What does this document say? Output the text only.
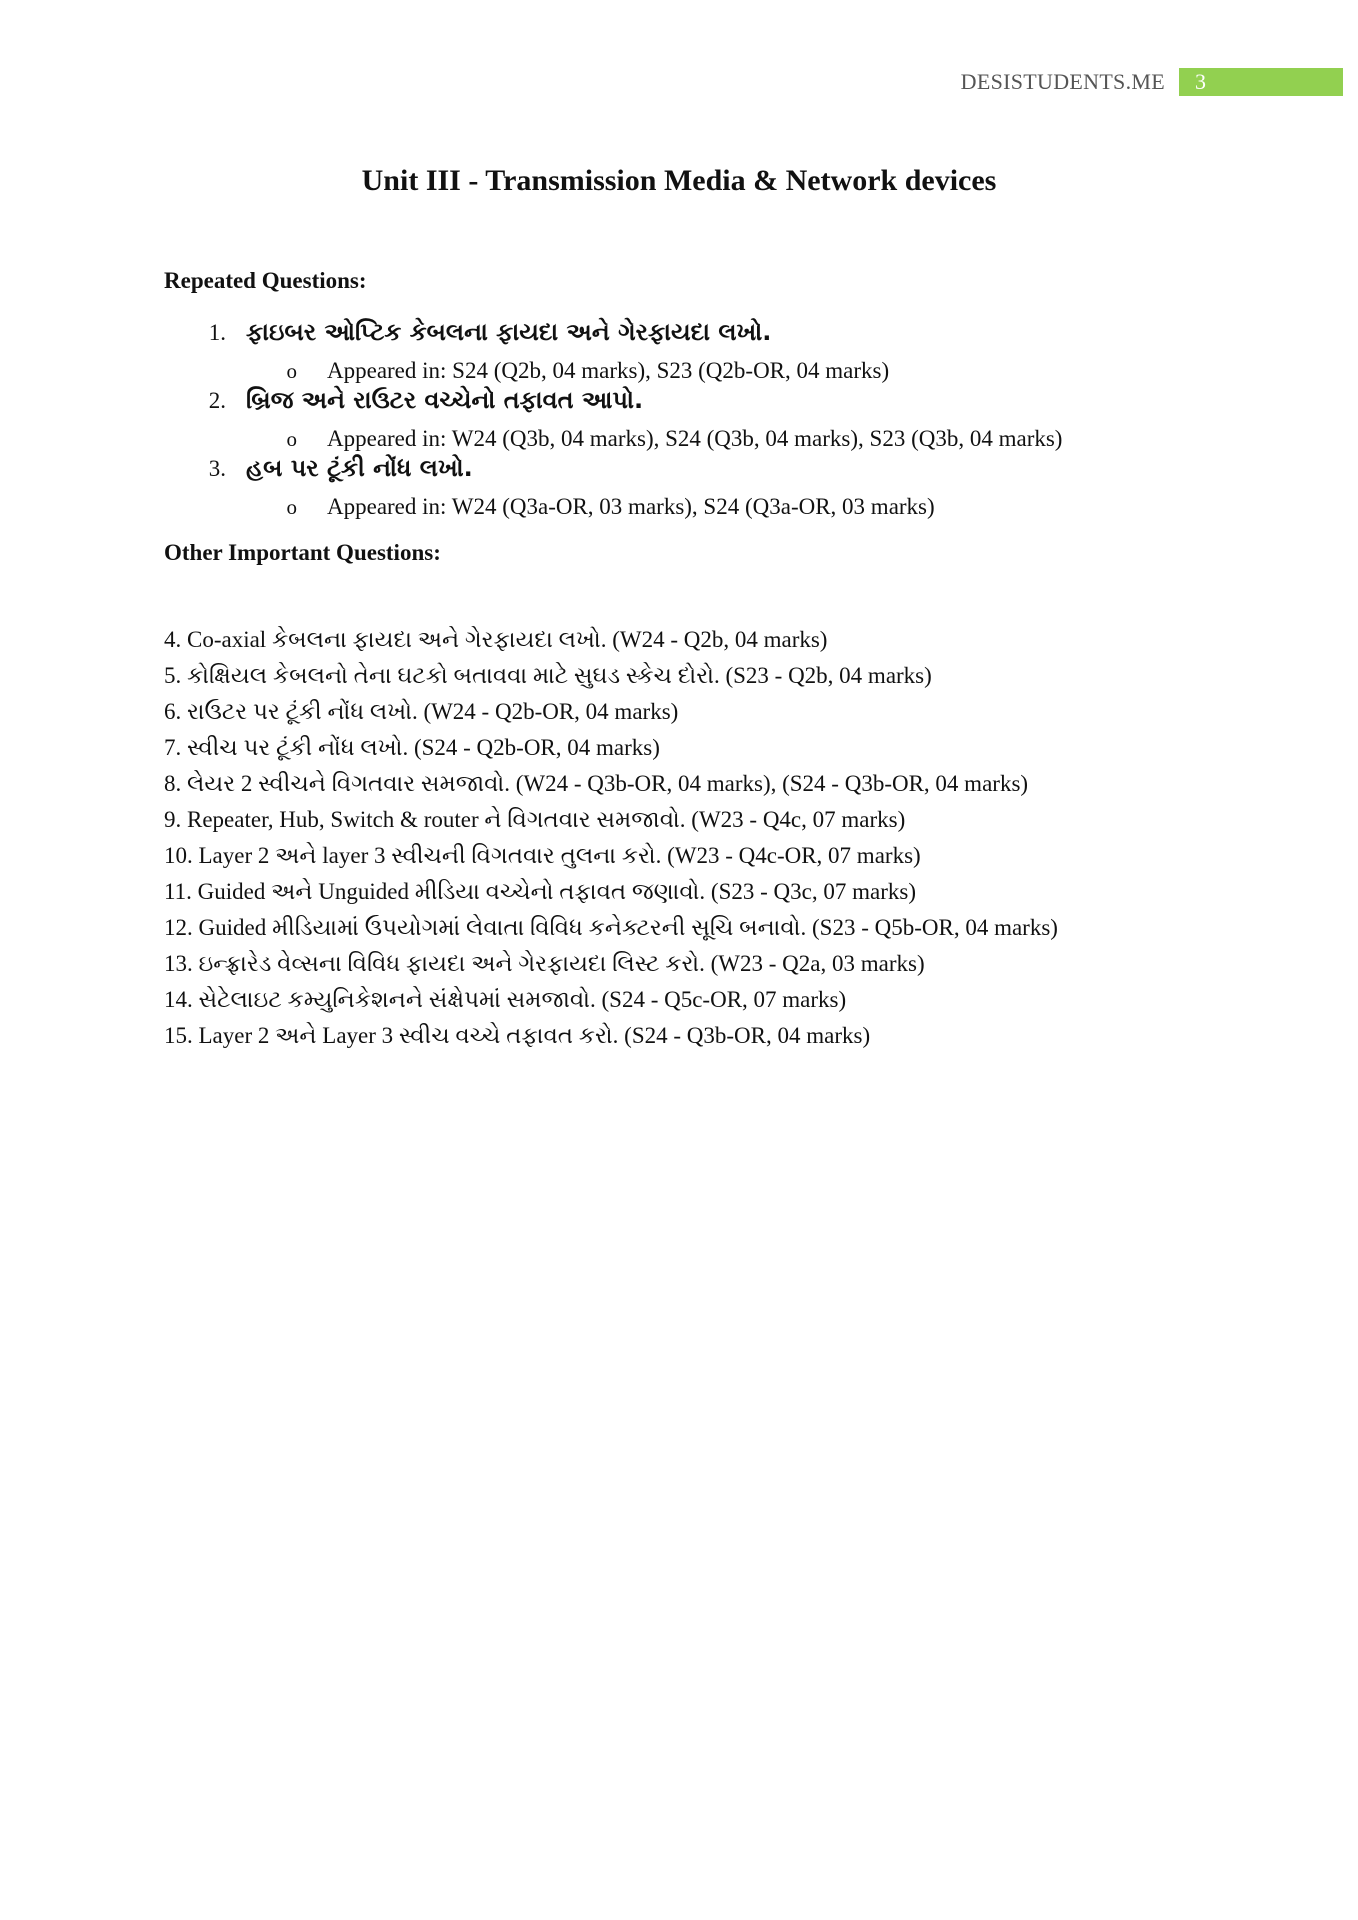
DESISTUDENTS.ME	3
Unit III - Transmission Media & Network devices
Repeated Questions:
1. ફાઇબર ઓપ્ટિક કેબલના ફાયદા અને ગેરફાયદા લખો.
o	Appeared in: S24 (Q2b, 04 marks), S23 (Q2b-OR, 04 marks)
2. બ્રિજ અને રાઉટર વચ્ચેનો તફાવત આપો.
o	Appeared in: W24 (Q3b, 04 marks), S24 (Q3b, 04 marks), S23 (Q3b, 04 marks)
3. હબ પર ટૂંકી નોંધ લખો.
o	Appeared in: W24 (Q3a-OR, 03 marks), S24 (Q3a-OR, 03 marks)
Other Important Questions:
4. Co-axial કેબલના ફાયદા અને ગેરફાયદા લખો. (W24 - Q2b, 04 marks)
5. કોક્ષિયલ કેબલનો તેના ઘટકો બતાવવા માટે સુઘડ સ્કેચ દોરો. (S23 - Q2b, 04 marks)
6. રાઉટર પર ટૂંકી નોંધ લખો. (W24 - Q2b-OR, 04 marks)
7. સ્વીચ પર ટૂંકી નોંધ લખો. (S24 - Q2b-OR, 04 marks)
8. લેયર 2 સ્વીચને વિગતવાર સમજાવો. (W24 - Q3b-OR, 04 marks), (S24 - Q3b-OR, 04 marks)
9. Repeater, Hub, Switch & router ને વિગતવાર સમજાવો. (W23 - Q4c, 07 marks)
10. Layer 2 અને layer 3 સ્વીચની વિગતવાર તુલના કરો. (W23 - Q4c-OR, 07 marks)
11. Guided અને Unguided મીડિયા વચ્ચેનો તફાવત જણાવો. (S23 - Q3c, 07 marks)
12. Guided મીડિયામાં ઉપયોગમાં લેવાતા વિવિધ કનેક્ટરની સૂચિ બનાવો. (S23 - Q5b-OR, 04 marks)
13. ઇન્ફ્રારેડ વેવ્સના વિવિધ ફાયદા અને ગેરફાયદા લિસ્ટ કરો. (W23 - Q2a, 03 marks)
14. સેટેલાઇટ કમ્યુનિકેશનને સંક્ષેપમાં સમજાવો. (S24 - Q5c-OR, 07 marks)
15. Layer 2 અને Layer 3 સ્વીચ વચ્ચે તફાવત કરો. (S24 - Q3b-OR, 04 marks)
